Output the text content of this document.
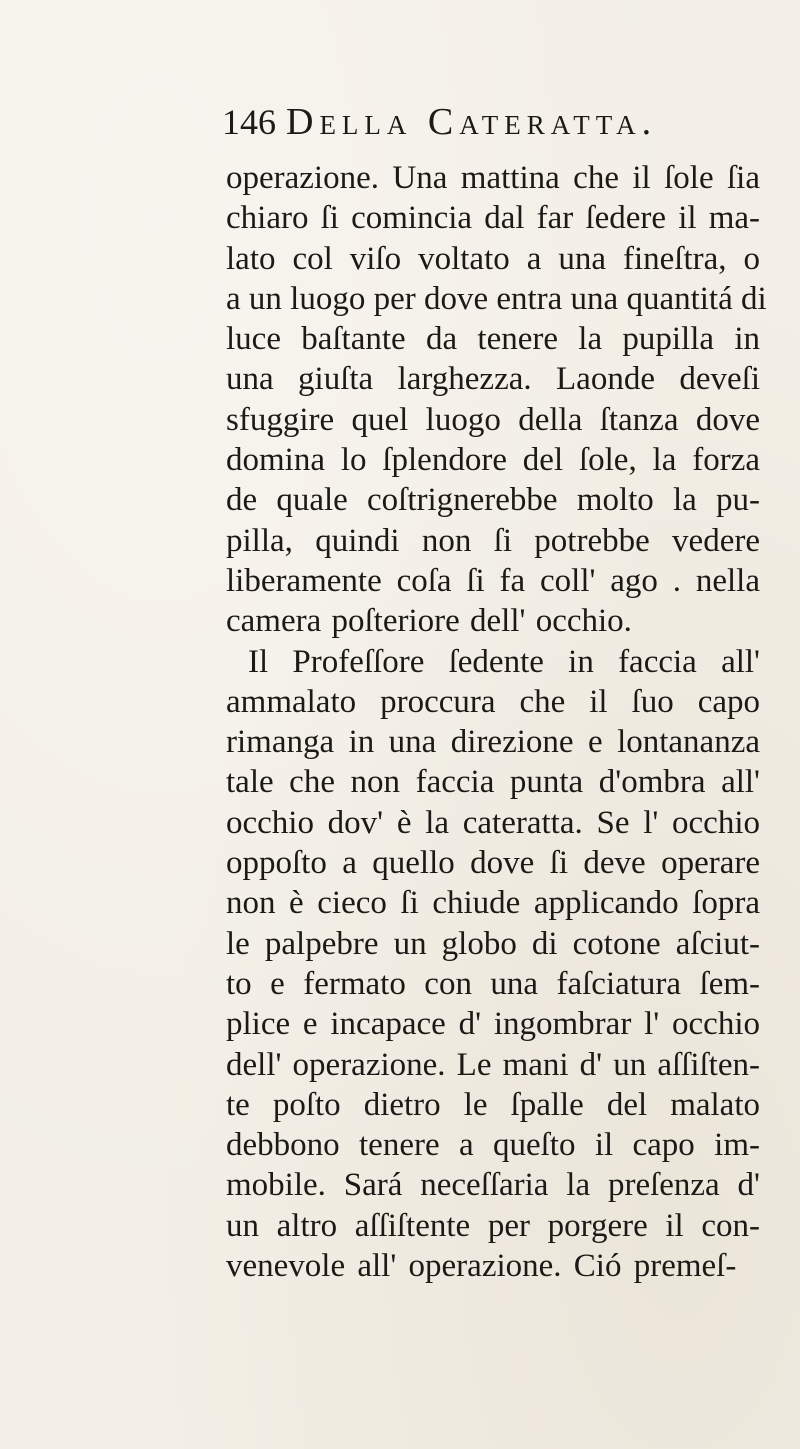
146 Della Cateratta.
operazione. Una mattina che il ſole ſia
chiaro ſi comincia dal far ſedere il ma-
lato col viſo voltato a una fineſtra, o
a un luogo per dove entra una quantitá di
luce baſtante da tenere la pupilla in
una giuſta larghezza. Laonde deveſi
sfuggire quel luogo della ſtanza dove
domina lo ſplendore del ſole, la forza
de quale coſtrignerebbe molto la pu-
pilla, quindi non ſi potrebbe vedere
liberamente coſa ſi fa coll' ago . nella
camera poſteriore dell' occhio.
Il Profeſſore ſedente in faccia all'
ammalato proccura che il ſuo capo
rimanga in una direzione e lontananza
tale che non faccia punta d'ombra all'
occhio dov' è la cateratta. Se l' occhio
oppoſto a quello dove ſi deve operare
non è cieco ſi chiude applicando ſopra
le palpebre un globo di cotone aſciut-
to e fermato con una faſciatura ſem-
plice e incapace d' ingombrar l' occhio
dell' operazione. Le mani d' un aſſiſten-
te poſto dietro le ſpalle del malato
debbono tenere a queſto il capo im-
mobile. Sará neceſſaria la preſenza d'
un altro aſſiſtente per porgere il con-
venevole all' operazione. Ció premeſ-
